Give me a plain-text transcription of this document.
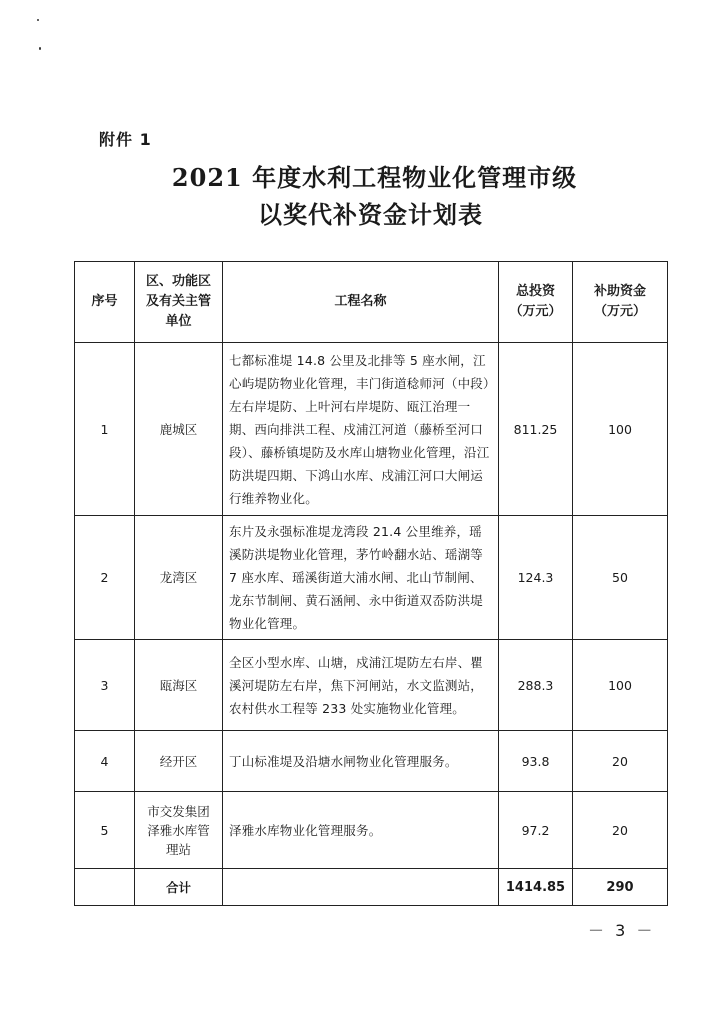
附件 1
2021 年度水利工程物业化管理市级
以奖代补资金计划表
序号	区、功能区及有关主管单位	工程名称	总投资（万元）	补助资金（万元）
1	鹿城区	七都标准堤 14.8 公里及北排等 5 座水闸，江心屿堤防物业化管理，丰门街道稔师河（中段）左右岸堤防、上叶河右岸堤防、瓯江治理一期、西向排洪工程、戍浦江河道（藤桥至河口段）、藤桥镇堤防及水库山塘物业化管理，沿江防洪堤四期、下鸿山水库、戍浦江河口大闸运行维养物业化。	811.25	100
2	龙湾区	东片及永强标准堤龙湾段 21.4 公里维养，瑶溪防洪堤物业化管理，茅竹岭翻水站、瑶湖等 7 座水库、瑶溪街道大浦水闸、北山节制闸、龙东节制闸、黄石涵闸、永中街道双岙防洪堤物业化管理。	124.3	50
3	瓯海区	全区小型水库、山塘，戍浦江堤防左右岸、瞿溪河堤防左右岸，焦下河闸站，水文监测站，农村供水工程等 233 处实施物业化管理。	288.3	100
4	经开区	丁山标准堤及沿塘水闸物业化管理服务。	93.8	20
5	市交发集团泽雅水库管理站	泽雅水库物业化管理服务。	97.2	20
	合计		1414.85	290
－ 3 －
